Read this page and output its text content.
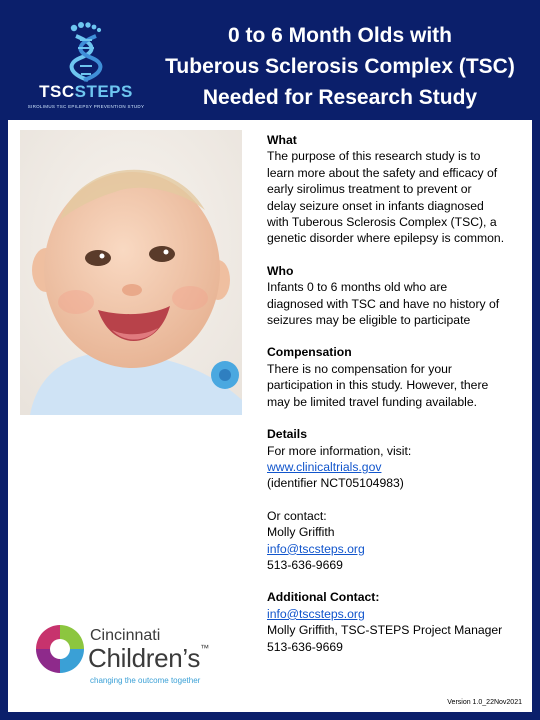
TSCSTEPS
SIROLIMUS TSC EPILEPSY PREVENTION STUDY
0 to 6 Month Olds with
Tuberous Sclerosis Complex (TSC)
Needed for Research Study
What
The purpose of this research study is to
learn more about the safety and efficacy of
early sirolimus treatment to prevent or
delay seizure onset in infants diagnosed
with Tuberous Sclerosis Complex (TSC), a
genetic disorder where epilepsy is common.
Who
Infants 0 to 6 months old who are
diagnosed with TSC and have no history of
seizures may be eligible to participate
Compensation
There is no compensation for your
participation in this study. However, there
may be limited travel funding available.
Details
For more information, visit:
www.clinicaltrials.gov
(identifier NCT05104983)
Or contact:
Molly Griffith
info@tscsteps.org
513-636-9669
Additional Contact:
info@tscsteps.org
Molly Griffith, TSC-STEPS Project Manager
513-636-9669
Cincinnati
Children’s™
changing the outcome together
Version 1.0_22Nov2021
